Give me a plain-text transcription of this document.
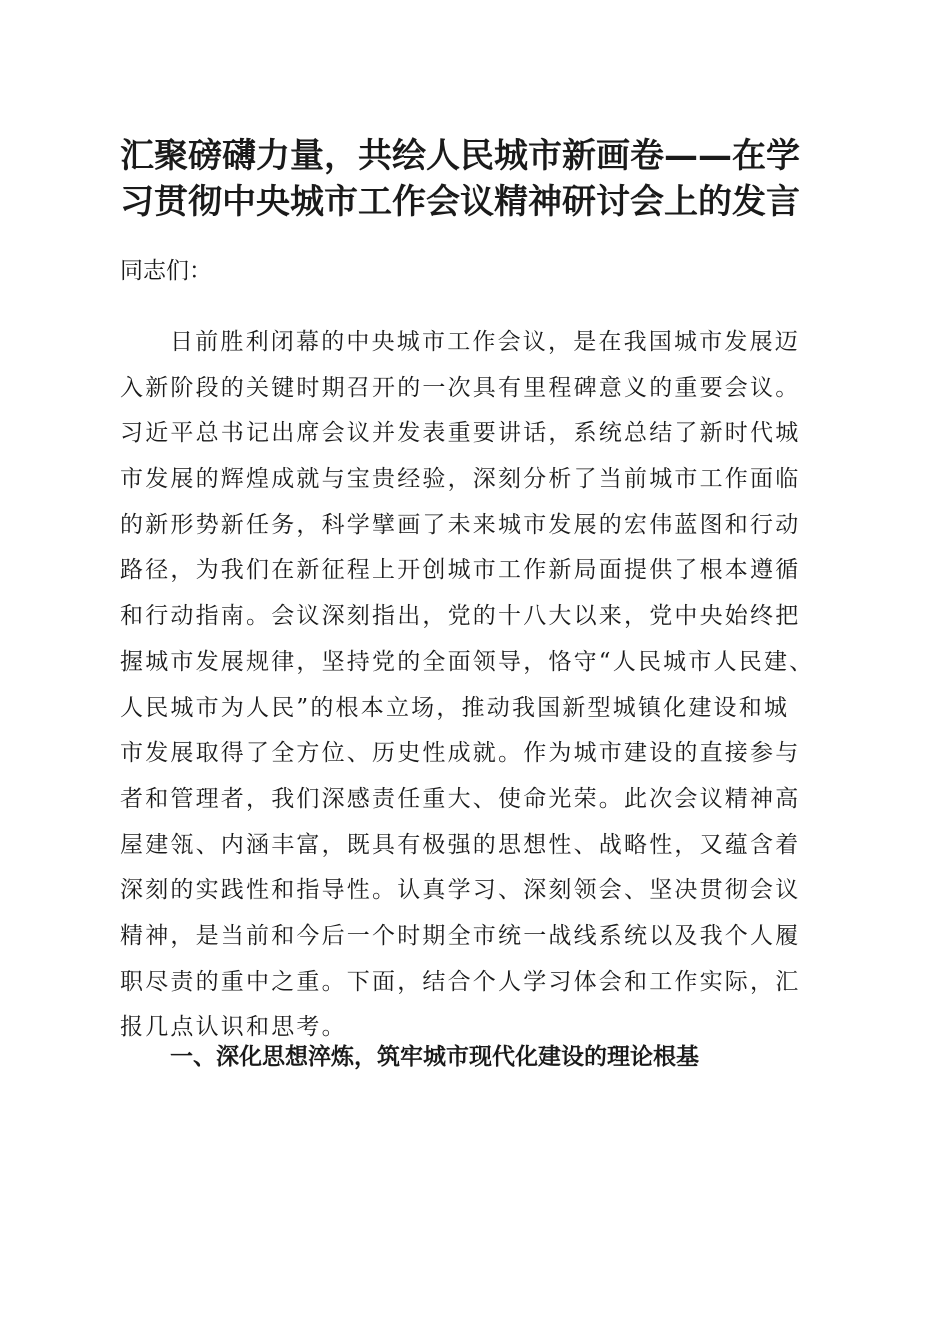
汇聚磅礴力量，共绘人民城市新画卷——在学
习贯彻中央城市工作会议精神研讨会上的发言

同志们：

日前胜利闭幕的中央城市工作会议，是在我国城市发展迈
入新阶段的关键时期召开的一次具有里程碑意义的重要会议。
习近平总书记出席会议并发表重要讲话，系统总结了新时代城
市发展的辉煌成就与宝贵经验，深刻分析了当前城市工作面临
的新形势新任务，科学擘画了未来城市发展的宏伟蓝图和行动
路径，为我们在新征程上开创城市工作新局面提供了根本遵循
和行动指南。会议深刻指出，党的十八大以来，党中央始终把
握城市发展规律，坚持党的全面领导，恪守“人民城市人民建、
人民城市为人民”的根本立场，推动我国新型城镇化建设和城
市发展取得了全方位、历史性成就。作为城市建设的直接参与
者和管理者，我们深感责任重大、使命光荣。此次会议精神高
屋建瓴、内涵丰富，既具有极强的思想性、战略性，又蕴含着
深刻的实践性和指导性。认真学习、深刻领会、坚决贯彻会议
精神，是当前和今后一个时期全市统一战线系统以及我个人履
职尽责的重中之重。下面，结合个人学习体会和工作实际，汇
报几点认识和思考。
一、深化思想淬炼，筑牢城市现代化建设的理论根基
